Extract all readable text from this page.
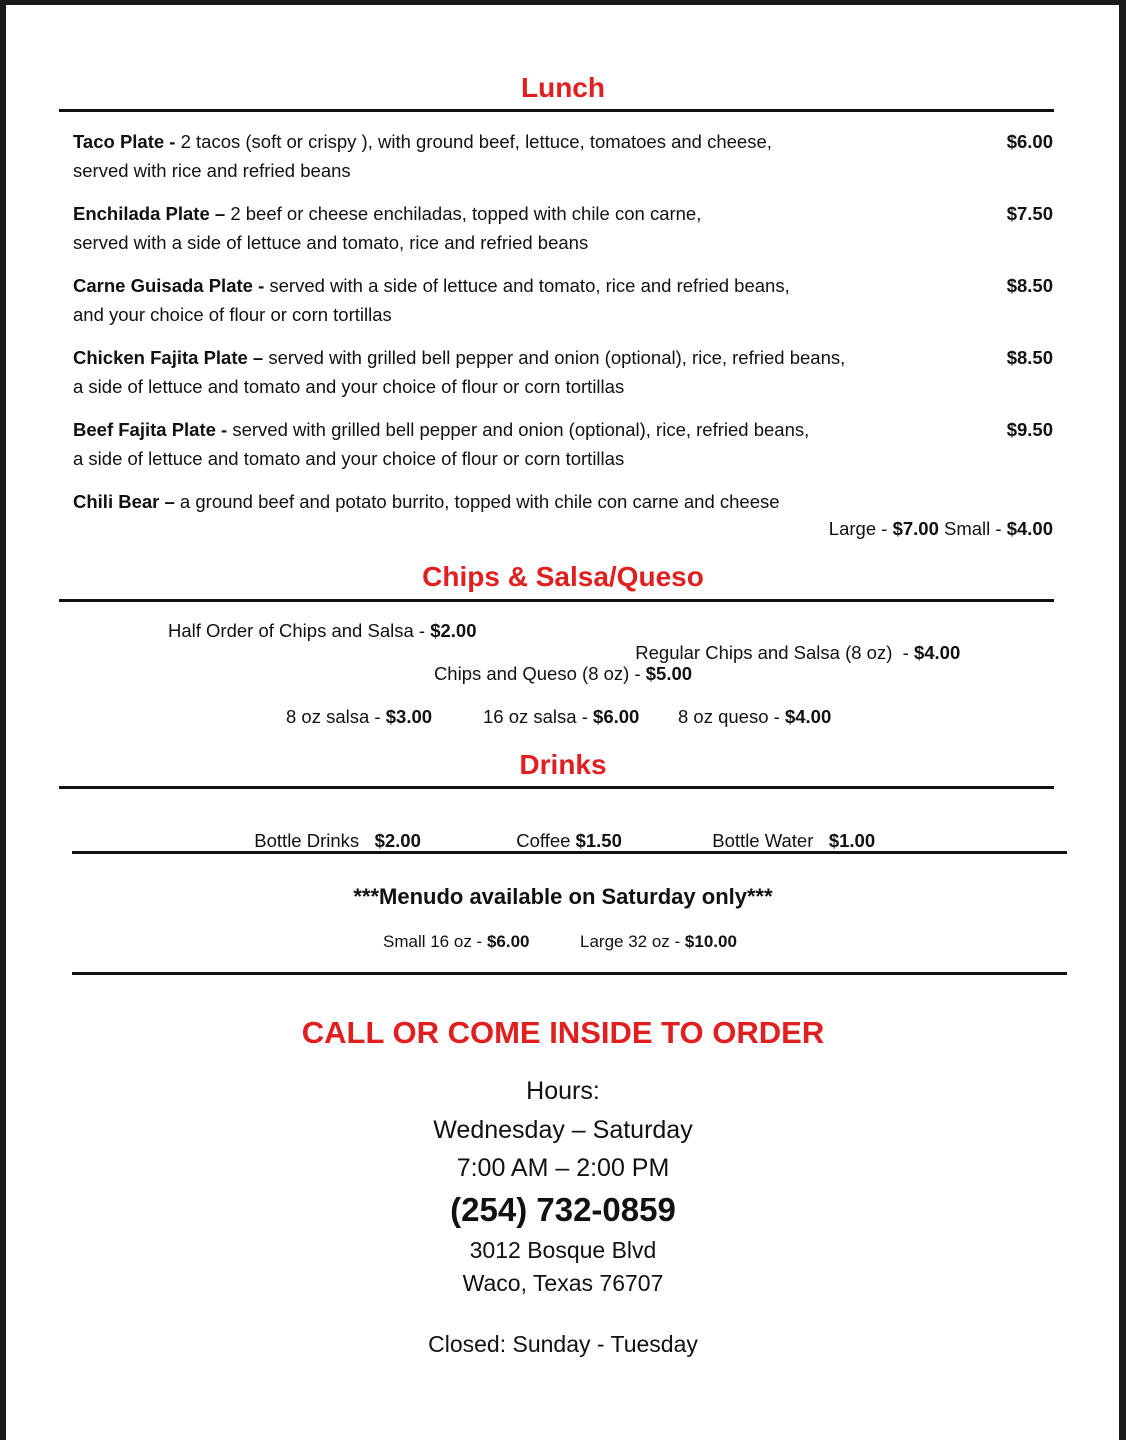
Lunch
Taco Plate - 2 tacos (soft or crispy ), with ground beef, lettuce, tomatoes and cheese,
served with rice and refried beans
$6.00
Enchilada Plate – 2 beef or cheese enchiladas, topped with chile con carne,
served with a side of lettuce and tomato, rice and refried beans
$7.50
Carne Guisada Plate - served with a side of lettuce and tomato, rice and refried beans,
and your choice of flour or corn tortillas
$8.50
Chicken Fajita Plate – served with grilled bell pepper and onion (optional), rice, refried beans,
a side of lettuce and tomato and your choice of flour or corn tortillas
$8.50
Beef Fajita Plate - served with grilled bell pepper and onion (optional), rice, refried beans,
a side of lettuce and tomato and your choice of flour or corn tortillas
$9.50
Chili Bear – a ground beef and potato burrito, topped with chile con carne and cheese
Large - $7.00 Small - $4.00
Chips & Salsa/Queso
Half Order of Chips and Salsa - $2.00

Regular Chips and Salsa (8 oz)  - $4.00

Chips and Queso (8 oz) - $5.00
8 oz salsa - $3.00	16 oz salsa - $6.00 8 oz queso - $4.00
Drinks

Bottle Drinks   $2.00	Coffee $1.50	Bottle Water   $1.00

***Menudo available on Saturday only***
Small 16 oz - $6.00	Large 32 oz - $10.00
CALL OR COME INSIDE TO ORDER
Hours:
Wednesday – Saturday
7:00 AM – 2:00 PM
(254) 732-0859
3012 Bosque Blvd
Waco, Texas 76707
Closed: Sunday - Tuesday
